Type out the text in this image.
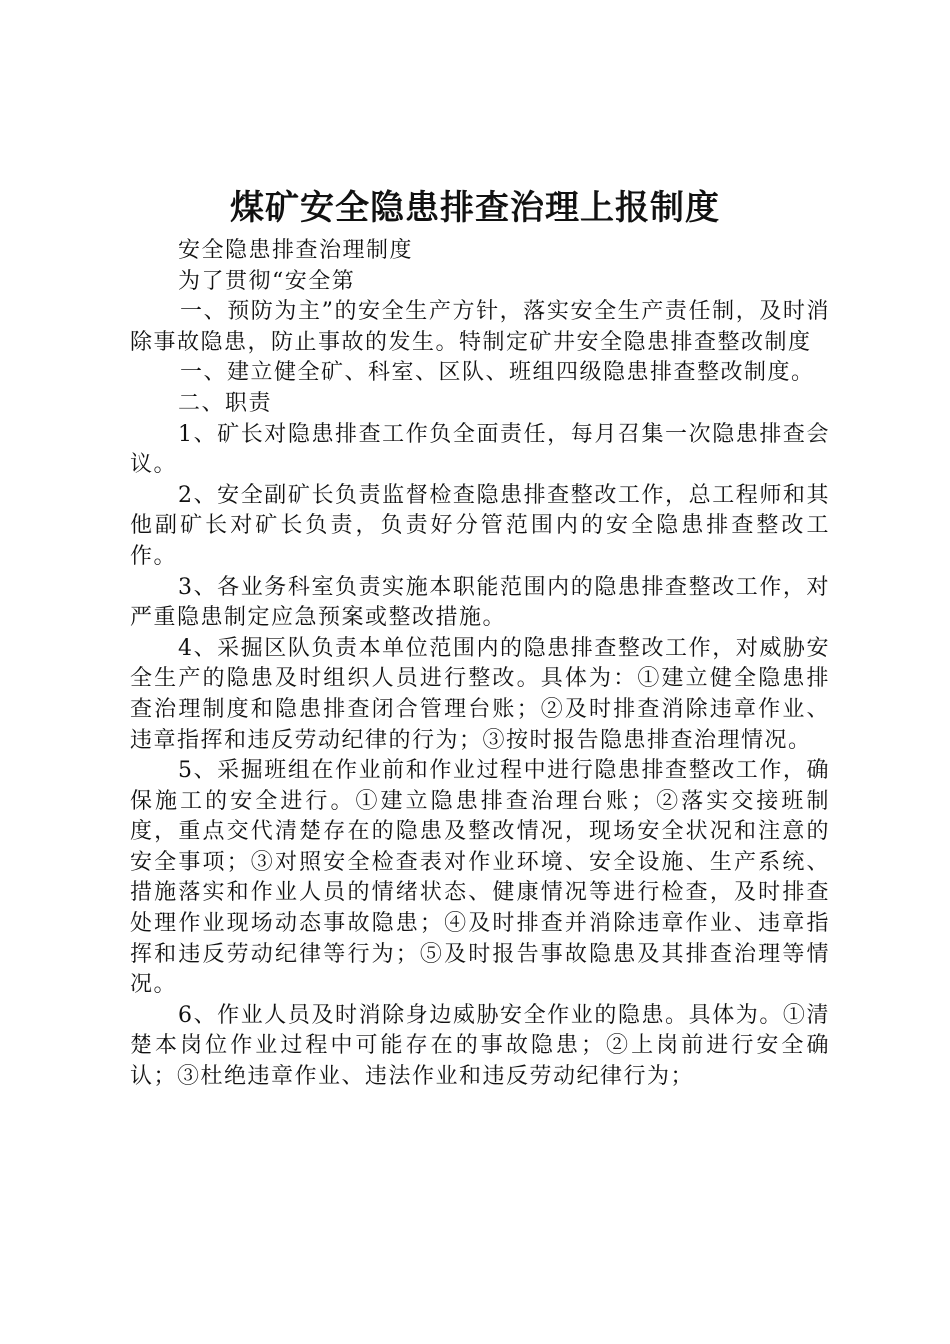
煤矿安全隐患排查治理上报制度

安全隐患排查治理制度

为了贯彻“安全第

一、预防为主”的安全生产方针，落实安全生产责任制，及时消除事故隐患，防止事故的发生。特制定矿井安全隐患排查整改制度

一、建立健全矿、科室、区队、班组四级隐患排查整改制度。

二、职责

1、矿长对隐患排查工作负全面责任，每月召集一次隐患排查会议。

2、安全副矿长负责监督检查隐患排查整改工作，总工程师和其他副矿长对矿长负责，负责好分管范围内的安全隐患排查整改工作。

3、各业务科室负责实施本职能范围内的隐患排查整改工作，对严重隐患制定应急预案或整改措施。

4、采掘区队负责本单位范围内的隐患排查整改工作，对威胁安全生产的隐患及时组织人员进行整改。具体为：①建立健全隐患排查治理制度和隐患排查闭合管理台账；②及时排查消除违章作业、违章指挥和违反劳动纪律的行为；③按时报告隐患排查治理情况。

5、采掘班组在作业前和作业过程中进行隐患排查整改工作，确保施工的安全进行。①建立隐患排查治理台账；②落实交接班制度，重点交代清楚存在的隐患及整改情况，现场安全状况和注意的安全事项；③对照安全检查表对作业环境、安全设施、生产系统、措施落实和作业人员的情绪状态、健康情况等进行检查，及时排查处理作业现场动态事故隐患；④及时排查并消除违章作业、违章指挥和违反劳动纪律等行为；⑤及时报告事故隐患及其排查治理等情况。

6、作业人员及时消除身边威胁安全作业的隐患。具体为。①清楚本岗位作业过程中可能存在的事故隐患；②上岗前进行安全确认；③杜绝违章作业、违法作业和违反劳动纪律行为；
